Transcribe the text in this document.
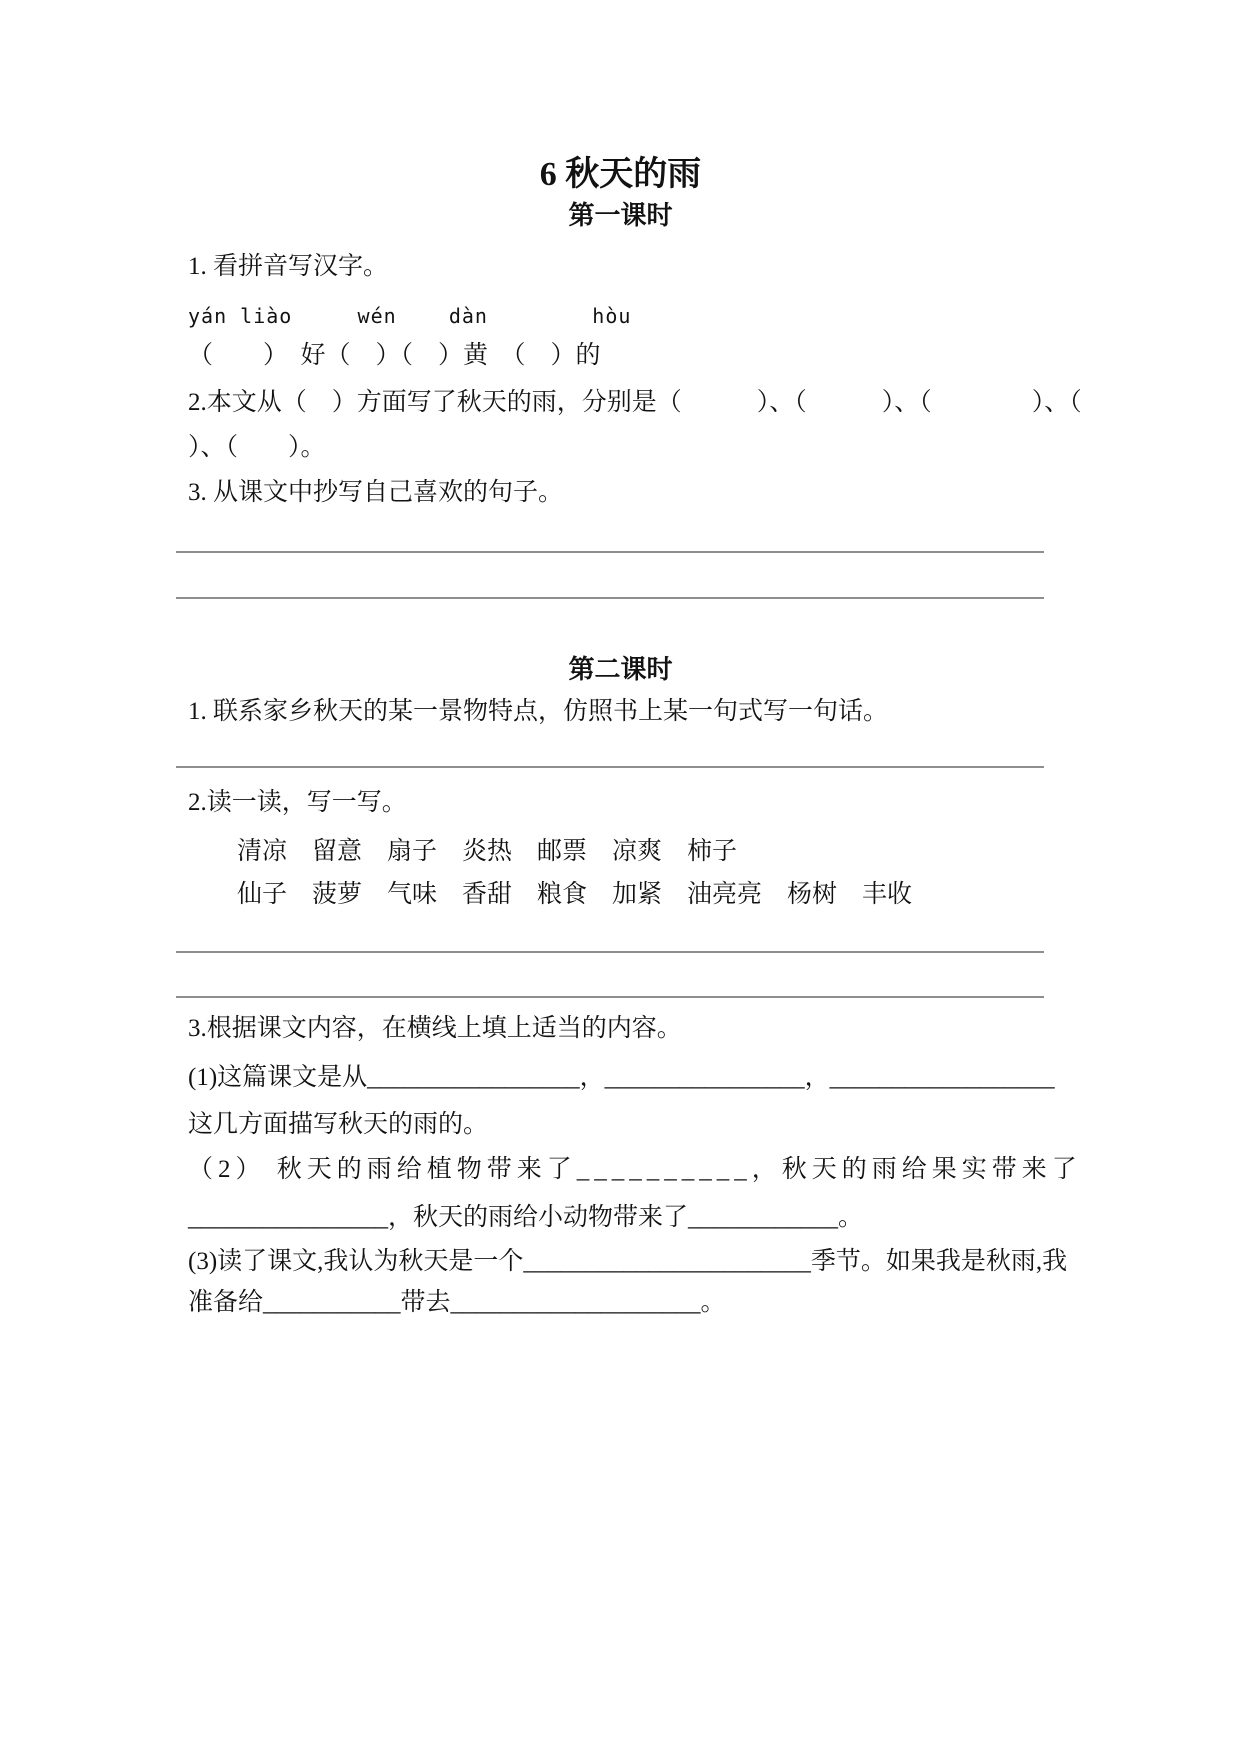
6 秋天的雨
第一课时
1. 看拼音写汉字。
yán liào     wén    dàn        hòu
（　　）　好（　）（　）黄　（　）的
2.本文从（　）方面写了秋天的雨，分别是（　　　）、（　　　）、（　　　　）、（
）、（　　）。
3. 从课文中抄写自己喜欢的句子。
第二课时
1. 联系家乡秋天的某一景物特点，仿照书上某一句式写一句话。
2.读一读，写一写。
清凉　留意　扇子　炎热　邮票　凉爽　柿子
仙子　菠萝　气味　香甜　粮食　加紧　油亮亮　杨树　丰收
3.根据课文内容，在横线上填上适当的内容。
(1)这篇课文是从_________________，________________，__________________
这几方面描写秋天的雨的。
（2） 秋天的雨给植物带来了__________，秋天的雨给果实带来了
________________，秋天的雨给小动物带来了____________。
(3)读了课文,我认为秋天是一个_______________________季节。如果我是秋雨,我
准备给___________带去____________________。
